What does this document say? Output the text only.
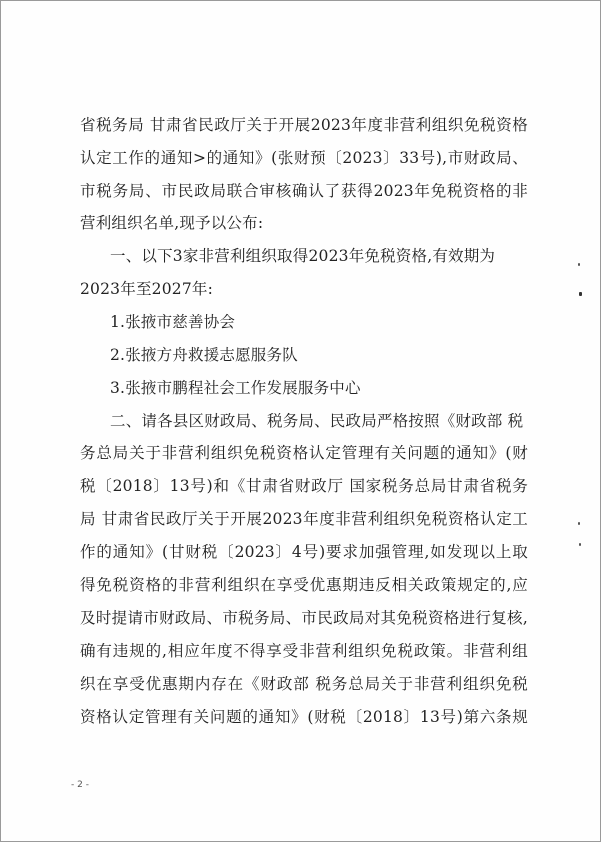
省税务局 甘肃省民政厅关于开展2023年度非营利组织免税资格
认定工作的通知>的通知》(张财预〔2023〕33号),市财政局、
市税务局、市民政局联合审核确认了获得2023年免税资格的非
营利组织名单,现予以公布:
一、以下3家非营利组织取得2023年免税资格,有效期为
2023年至2027年:
1.张掖市慈善协会
2.张掖方舟救援志愿服务队
3.张掖市鹏程社会工作发展服务中心
二、请各县区财政局、税务局、民政局严格按照《财政部 税
务总局关于非营利组织免税资格认定管理有关问题的通知》(财
税〔2018〕13号)和《甘肃省财政厅 国家税务总局甘肃省税务
局 甘肃省民政厅关于开展2023年度非营利组织免税资格认定工
作的通知》(甘财税〔2023〕4号)要求加强管理,如发现以上取
得免税资格的非营利组织在享受优惠期违反相关政策规定的,应
及时提请市财政局、市税务局、市民政局对其免税资格进行复核,
确有违规的,相应年度不得享受非营利组织免税政策。非营利组
织在享受优惠期内存在《财政部 税务总局关于非营利组织免税
资格认定管理有关问题的通知》(财税〔2018〕13号)第六条规
- 2 -
